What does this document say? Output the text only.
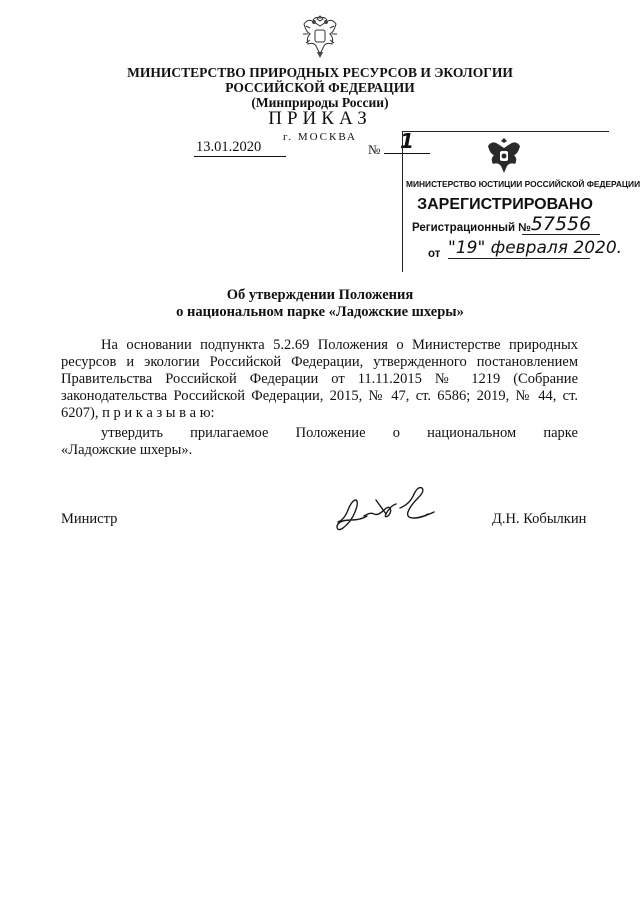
МИНИСТЕРСТВО ПРИРОДНЫХ РЕСУРСОВ И ЭКОЛОГИИ
РОССИЙСКОЙ ФЕДЕРАЦИИ
(Минприроды России)
ПРИКАЗ
г. МОСКВА
13.01.2020	№ 1
МИНИСТЕРСТВО ЮСТИЦИИ РОССИЙСКОЙ ФЕДЕРАЦИИ
ЗАРЕГИСТРИРОВАНО
Регистрационный № 57556
от "19" февраля 2020.
Об утверждении Положения
о национальном парке «Ладожские шхеры»
На основании подпункта 5.2.69 Положения о Министерстве природных ресурсов и экологии Российской Федерации, утвержденного постановлением Правительства Российской Федерации от 11.11.2015 № 1219 (Собрание законодательства Российской Федерации, 2015, № 47, ст. 6586; 2019, № 44, ст. 6207), п р и к а з ы в а ю:
утвердить прилагаемое Положение о национальном парке
«Ладожские шхеры».
Министр	Д.Н. Кобылкин
